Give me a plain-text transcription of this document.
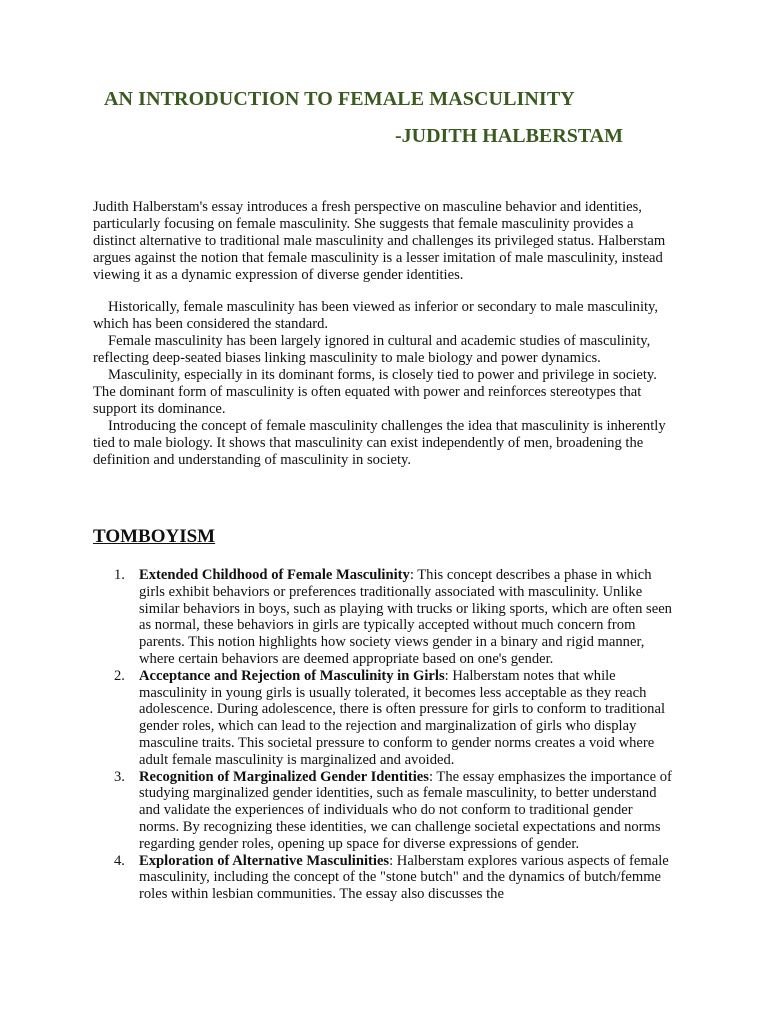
AN INTRODUCTION TO FEMALE MASCULINITY
-JUDITH HALBERSTAM

Judith Halberstam's essay introduces a fresh perspective on masculine behavior and identities, particularly focusing on female masculinity. She suggests that female masculinity provides a distinct alternative to traditional male masculinity and challenges its privileged status. Halberstam argues against the notion that female masculinity is a lesser imitation of male masculinity, instead viewing it as a dynamic expression of diverse gender identities.

Historically, female masculinity has been viewed as inferior or secondary to male masculinity, which has been considered the standard.

Female masculinity has been largely ignored in cultural and academic studies of masculinity, reflecting deep-seated biases linking masculinity to male biology and power dynamics.

Masculinity, especially in its dominant forms, is closely tied to power and privilege in society. The dominant form of masculinity is often equated with power and reinforces stereotypes that support its dominance.

Introducing the concept of female masculinity challenges the idea that masculinity is inherently tied to male biology. It shows that masculinity can exist independently of men, broadening the definition and understanding of masculinity in society.

TOMBOYISM
1. Extended Childhood of Female Masculinity: This concept describes a phase in which girls exhibit behaviors or preferences traditionally associated with masculinity. Unlike similar behaviors in boys, such as playing with trucks or liking sports, which are often seen as normal, these behaviors in girls are typically accepted without much concern from parents. This notion highlights how society views gender in a binary and rigid manner, where certain behaviors are deemed appropriate based on one's gender.
2. Acceptance and Rejection of Masculinity in Girls: Halberstam notes that while masculinity in young girls is usually tolerated, it becomes less acceptable as they reach adolescence. During adolescence, there is often pressure for girls to conform to traditional gender roles, which can lead to the rejection and marginalization of girls who display masculine traits. This societal pressure to conform to gender norms creates a void where adult female masculinity is marginalized and avoided.
3. Recognition of Marginalized Gender Identities: The essay emphasizes the importance of studying marginalized gender identities, such as female masculinity, to better understand and validate the experiences of individuals who do not conform to traditional gender norms. By recognizing these identities, we can challenge societal expectations and norms regarding gender roles, opening up space for diverse expressions of gender.
4. Exploration of Alternative Masculinities: Halberstam explores various aspects of female masculinity, including the concept of the "stone butch" and the dynamics of butch/femme roles within lesbian communities. The essay also discusses the
